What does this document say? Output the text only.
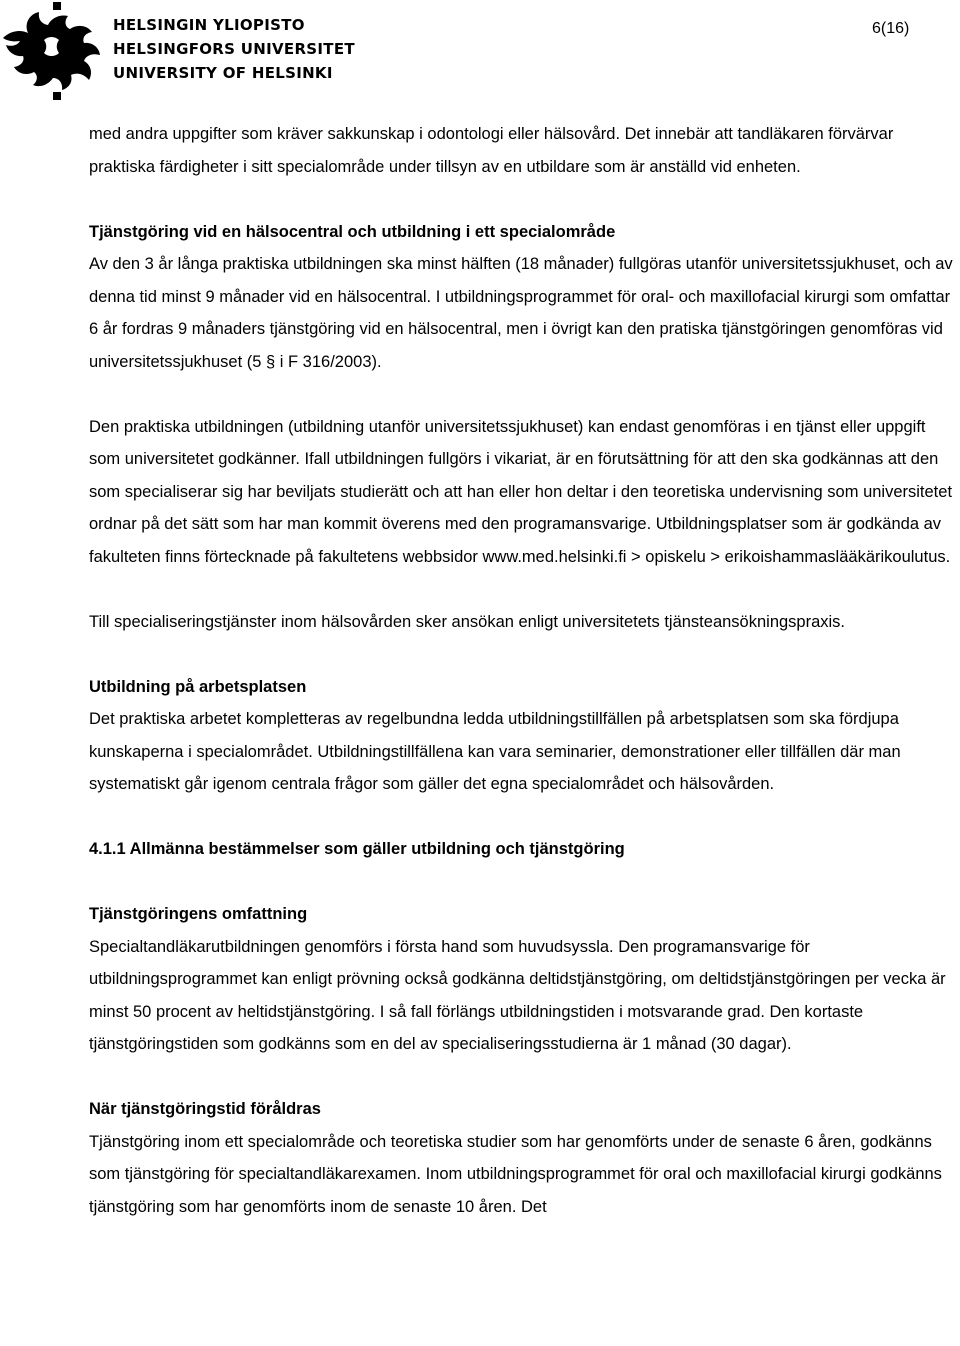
HELSINGIN YLIOPISTO
HELSINGFORS UNIVERSITET
UNIVERSITY OF HELSINKI
6(16)

med andra uppgifter som kräver sakkunskap i odontologi eller hälsovård. Det innebär att tandläkaren förvärvar praktiska färdigheter i sitt specialområde under tillsyn av en utbildare som är anställd vid enheten.

Tjänstgöring vid en hälsocentral och utbildning i ett specialområde
Av den 3 år långa praktiska utbildningen ska minst hälften (18 månader) fullgöras utanför universitetssjukhuset, och av denna tid minst 9 månader vid en hälsocentral. I utbildningsprogrammet för oral- och maxillofacial kirurgi som omfattar 6 år fordras 9 månaders tjänstgöring vid en hälsocentral, men i övrigt kan den pratiska tjänstgöringen genomföras vid universitetssjukhuset (5 § i F 316/2003).

Den praktiska utbildningen (utbildning utanför universitetssjukhuset) kan endast genomföras i en tjänst eller uppgift som universitetet godkänner. Ifall utbildningen fullgörs i vikariat, är en förutsättning för att den ska godkännas att den som specialiserar sig har beviljats studierätt och att han eller hon deltar i den teoretiska undervisning som universitetet ordnar på det sätt som har man kommit överens med den programansvarige. Utbildningsplatser som är godkända av fakulteten finns förtecknade på fakultetens webbsidor www.med.helsinki.fi > opiskelu > erikoishammaslääkärikoulutus.

Till specialiseringstjänster inom hälsovården sker ansökan enligt universitetets tjänsteansökningspraxis.

Utbildning på arbetsplatsen
Det praktiska arbetet kompletteras av regelbundna ledda utbildningstillfällen på arbetsplatsen som ska fördjupa kunskaperna i specialområdet. Utbildningstillfällena kan vara seminarier, demonstrationer eller tillfällen där man systematiskt går igenom centrala frågor som gäller det egna specialområdet och hälsovården.

4.1.1 Allmänna bestämmelser som gäller utbildning och tjänstgöring

Tjänstgöringens omfattning
Specialtandläkarutbildningen genomförs i första hand som huvudsyssla. Den programansvarige för utbildningsprogrammet kan enligt prövning också godkänna deltidstjänstgöring, om deltidstjänstgöringen per vecka är minst 50 procent av heltidstjänstgöring. I så fall förlängs utbildningstiden i motsvarande grad. Den kortaste tjänstgöringstiden som godkänns som en del av specialiseringsstudierna är 1 månad (30 dagar).

När tjänstgöringstid föråldras
Tjänstgöring inom ett specialområde och teoretiska studier som har genomförts under de senaste 6 åren, godkänns som tjänstgöring för specialtandläkarexamen. Inom utbildningsprogrammet för oral och maxillofacial kirurgi godkänns tjänstgöring som har genomförts inom de senaste 10 åren. Det
